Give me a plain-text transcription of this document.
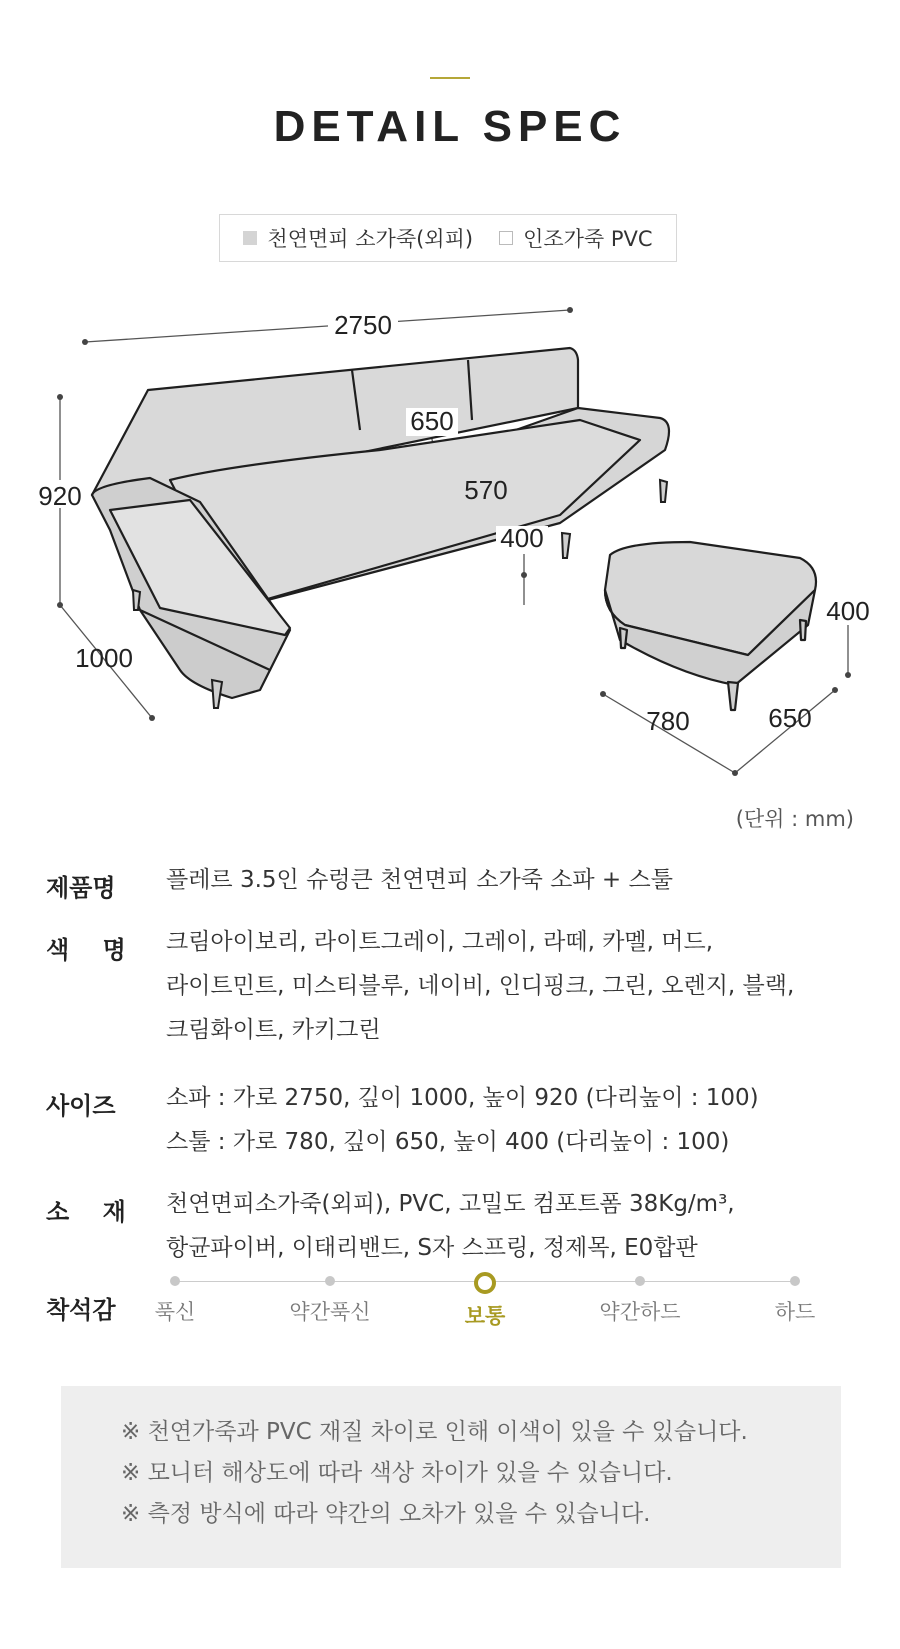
DETAIL SPEC
천연면피 소가죽(외피) 인조가죽 PVC
2750
920
1000
650
570
400
400
780	650
(단위 : mm)
제품명	플레르 3.5인 슈렁큰 천연면피 소가죽 소파 + 스툴
색    명	크림아이보리, 라이트그레이, 그레이, 라떼, 카멜, 머드,
라이트민트, 미스티블루, 네이비, 인디핑크, 그린, 오렌지, 블랙,
크림화이트, 카키그린
사이즈	소파 : 가로 2750, 깊이 1000, 높이 920 (다리높이 : 100)
스툴 : 가로 780, 깊이 650, 높이 400 (다리높이 : 100)
소    재	천연면피소가죽(외피), PVC, 고밀도 컴포트폼 38Kg/m³,
항균파이버, 이태리밴드, S자 스프링, 정제목, E0합판
착석감	푹신	약간푹신	보통	약간하드	하드
※ 천연가죽과 PVC 재질 차이로 인해 이색이 있을 수 있습니다.
※ 모니터 해상도에 따라 색상 차이가 있을 수 있습니다.
※ 측정 방식에 따라 약간의 오차가 있을 수 있습니다.
